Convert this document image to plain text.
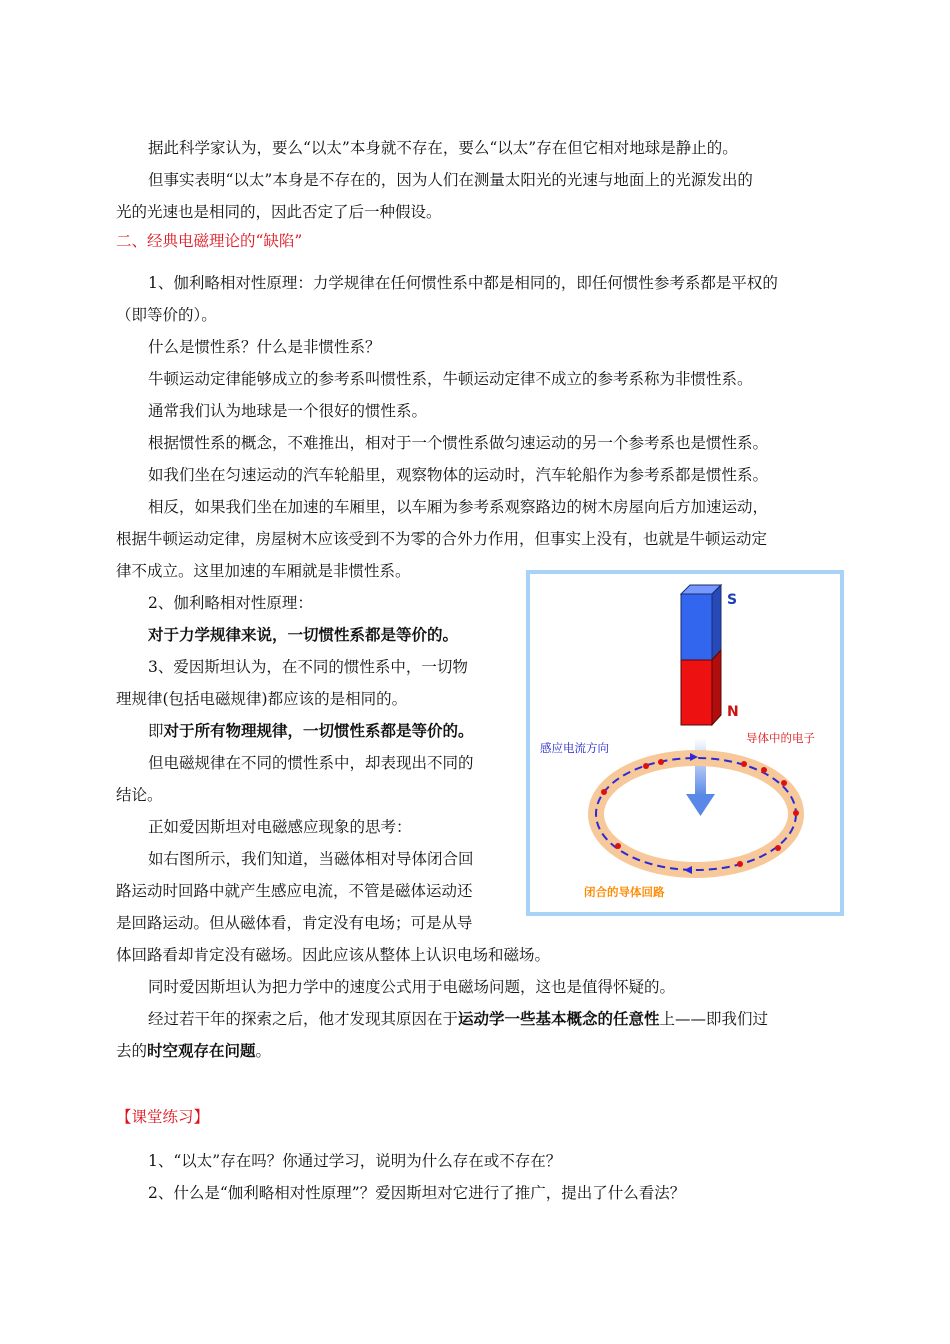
据此科学家认为，要么“以太”本身就不存在，要么“以太”存在但它相对地球是静止的。
但事实表明“以太”本身是不存在的，因为人们在测量太阳光的光速与地面上的光源发出的
光的光速也是相同的，因此否定了后一种假设。
二、经典电磁理论的“缺陷”
1、伽利略相对性原理：力学规律在任何惯性系中都是相同的，即任何惯性参考系都是平权的
（即等价的）。
什么是惯性系？什么是非惯性系？
牛顿运动定律能够成立的参考系叫惯性系，牛顿运动定律不成立的参考系称为非惯性系。
通常我们认为地球是一个很好的惯性系。
根据惯性系的概念，不难推出，相对于一个惯性系做匀速运动的另一个参考系也是惯性系。
如我们坐在匀速运动的汽车轮船里，观察物体的运动时，汽车轮船作为参考系都是惯性系。
相反，如果我们坐在加速的车厢里，以车厢为参考系观察路边的树木房屋向后方加速运动，
根据牛顿运动定律，房屋树木应该受到不为零的合外力作用，但事实上没有，也就是牛顿运动定
律不成立。这里加速的车厢就是非惯性系。
2、伽利略相对性原理：
对于力学规律来说，一切惯性系都是等价的。
3、爱因斯坦认为，在不同的惯性系中，一切物
理规律(包括电磁规律)都应该的是相同的。
即对于所有物理规律，一切惯性系都是等价的。
但电磁规律在不同的惯性系中，却表现出不同的
结论。
正如爱因斯坦对电磁感应现象的思考：
如右图所示，我们知道，当磁体相对导体闭合回
路运动时回路中就产生感应电流，不管是磁体运动还
是回路运动。但从磁体看，肯定没有电场；可是从导
体回路看却肯定没有磁场。因此应该从整体上认识电场和磁场。
同时爱因斯坦认为把力学中的速度公式用于电磁场问题，这也是值得怀疑的。
经过若干年的探索之后，他才发现其原因在于运动学一些基本概念的任意性上——即我们过
去的时空观存在问题。
【课堂练习】
1、“以太”存在吗？你通过学习，说明为什么存在或不存在？
2、什么是“伽利略相对性原理”？爱因斯坦对它进行了推广，提出了什么看法？
S
N
感应电流方向
导体中的电子
闭合的导体回路
